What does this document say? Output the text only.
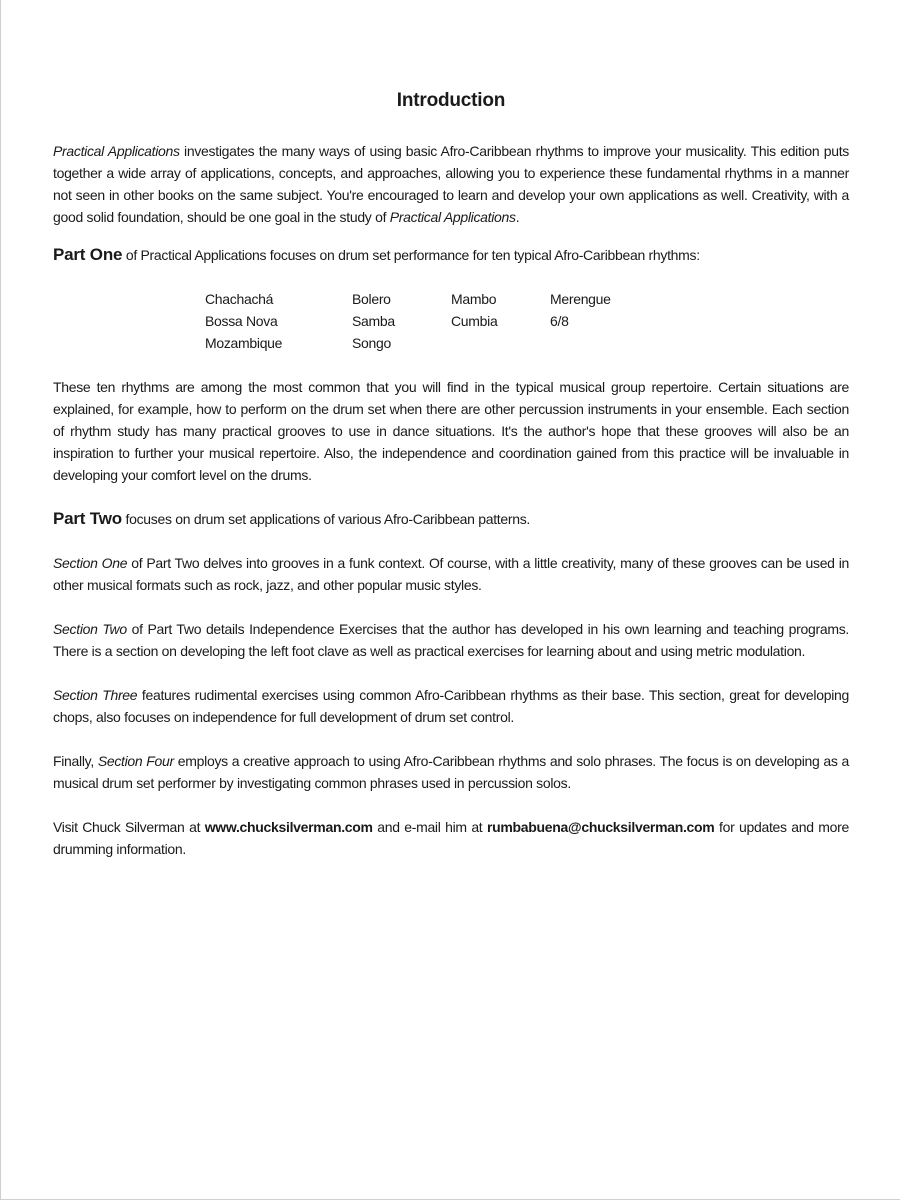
Introduction

Practical Applications investigates the many ways of using basic Afro-Caribbean rhythms to improve your musicality. This edition puts together a wide array of applications, concepts, and approaches, allowing you to experience these fundamental rhythms in a manner not seen in other books on the same subject. You're encouraged to learn and develop your own applications as well. Creativity, with a good solid foundation, should be one goal in the study of Practical Applications.

Part One of Practical Applications focuses on drum set performance for ten typical Afro-Caribbean rhythms:

Chachachá	Bolero	Mambo	Merengue
Bossa Nova	Samba	Cumbia	6/8
Mozambique	Songo		

These ten rhythms are among the most common that you will find in the typical musical group repertoire. Certain situations are explained, for example, how to perform on the drum set when there are other percussion instruments in your ensemble. Each section of rhythm study has many practical grooves to use in dance situations. It's the author's hope that these grooves will also be an inspiration to further your musical repertoire. Also, the independence and coordination gained from this practice will be invaluable in developing your comfort level on the drums.

Part Two focuses on drum set applications of various Afro-Caribbean patterns.

Section One of Part Two delves into grooves in a funk context. Of course, with a little creativity, many of these grooves can be used in other musical formats such as rock, jazz, and other popular music styles.

Section Two of Part Two details Independence Exercises that the author has developed in his own learning and teaching programs. There is a section on developing the left foot clave as well as practical exercises for learning about and using metric modulation.

Section Three features rudimental exercises using common Afro-Caribbean rhythms as their base. This section, great for developing chops, also focuses on independence for full development of drum set control.

Finally, Section Four employs a creative approach to using Afro-Caribbean rhythms and solo phrases. The focus is on developing as a musical drum set performer by investigating common phrases used in percussion solos.

Visit Chuck Silverman at www.chucksilverman.com and e-mail him at rumbabuena@chucksilverman.com for updates and more drumming information.
